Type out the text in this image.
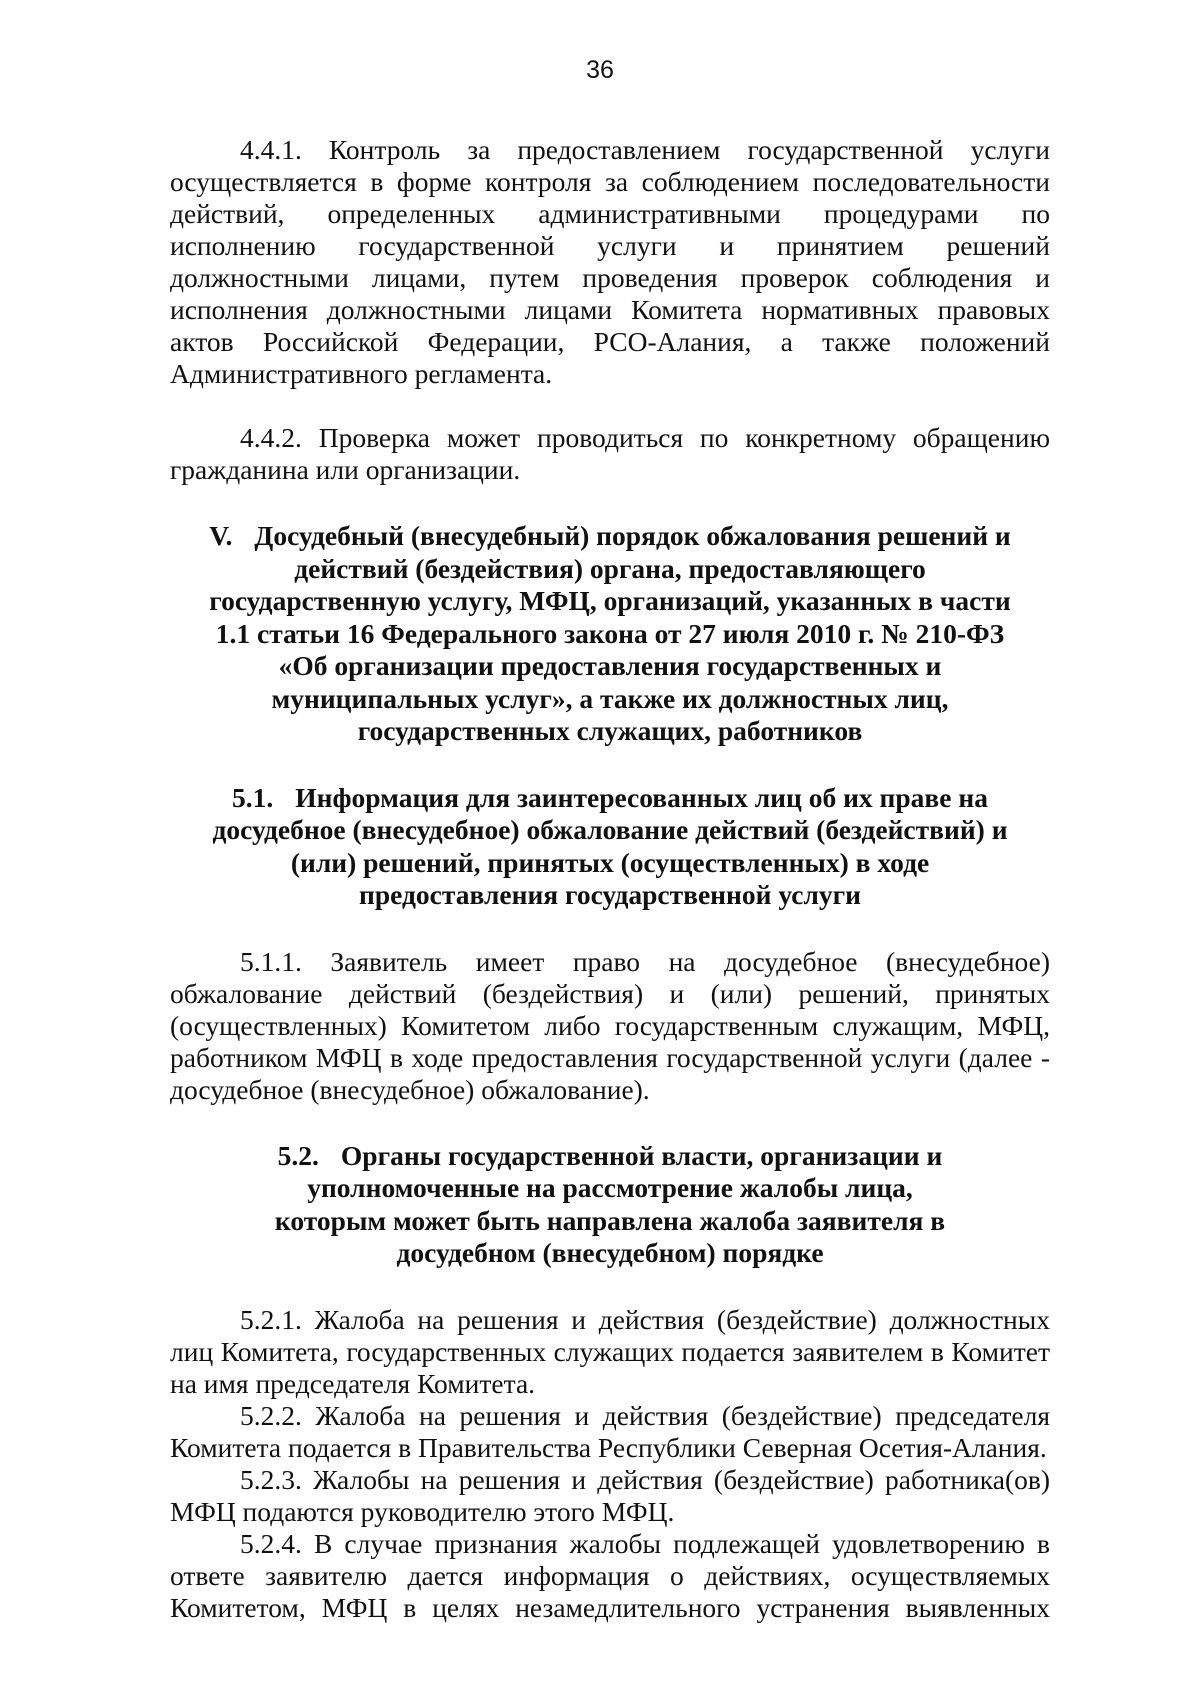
36

4.4.1. Контроль за предоставлением государственной услуги осуществляется в форме контроля за соблюдением последовательности действий, определенных административными процедурами по исполнению государственной услуги и принятием решений должностными лицами, путем проведения проверок соблюдения и исполнения должностными лицами Комитета нормативных правовых актов Российской Федерации, РСО-Алания, а также положений Административного регламента.

4.4.2. Проверка может проводиться по конкретному обращению гражданина или организации.

V. Досудебный (внесудебный) порядок обжалования решений и действий (бездействия) органа, предоставляющего государственную услугу, МФЦ, организаций, указанных в части 1.1 статьи 16 Федерального закона от 27 июля 2010 г. № 210-ФЗ «Об организации предоставления государственных и муниципальных услуг», а также их должностных лиц, государственных служащих, работников

5.1. Информация для заинтересованных лиц об их праве на досудебное (внесудебное) обжалование действий (бездействий) и (или) решений, принятых (осуществленных) в ходе предоставления государственной услуги

5.1.1. Заявитель имеет право на досудебное (внесудебное) обжалование действий (бездействия) и (или) решений, принятых (осуществленных) Комитетом либо государственным служащим, МФЦ, работником МФЦ в ходе предоставления государственной услуги (далее - досудебное (внесудебное) обжалование).

5.2. Органы государственной власти, организации и уполномоченные на рассмотрение жалобы лица, которым может быть направлена жалоба заявителя в досудебном (внесудебном) порядке

5.2.1. Жалоба на решения и действия (бездействие) должностных лиц Комитета, государственных служащих подается заявителем в Комитет на имя председателя Комитета.

5.2.2. Жалоба на решения и действия (бездействие) председателя Комитета подается в Правительства Республики Северная Осетия-Алания.

5.2.3. Жалобы на решения и действия (бездействие) работника(ов) МФЦ подаются руководителю этого МФЦ.

5.2.4. В случае признания жалобы подлежащей удовлетворению в ответе заявителю дается информация о действиях, осуществляемых Комитетом, МФЦ в целях незамедлительного устранения выявленных
